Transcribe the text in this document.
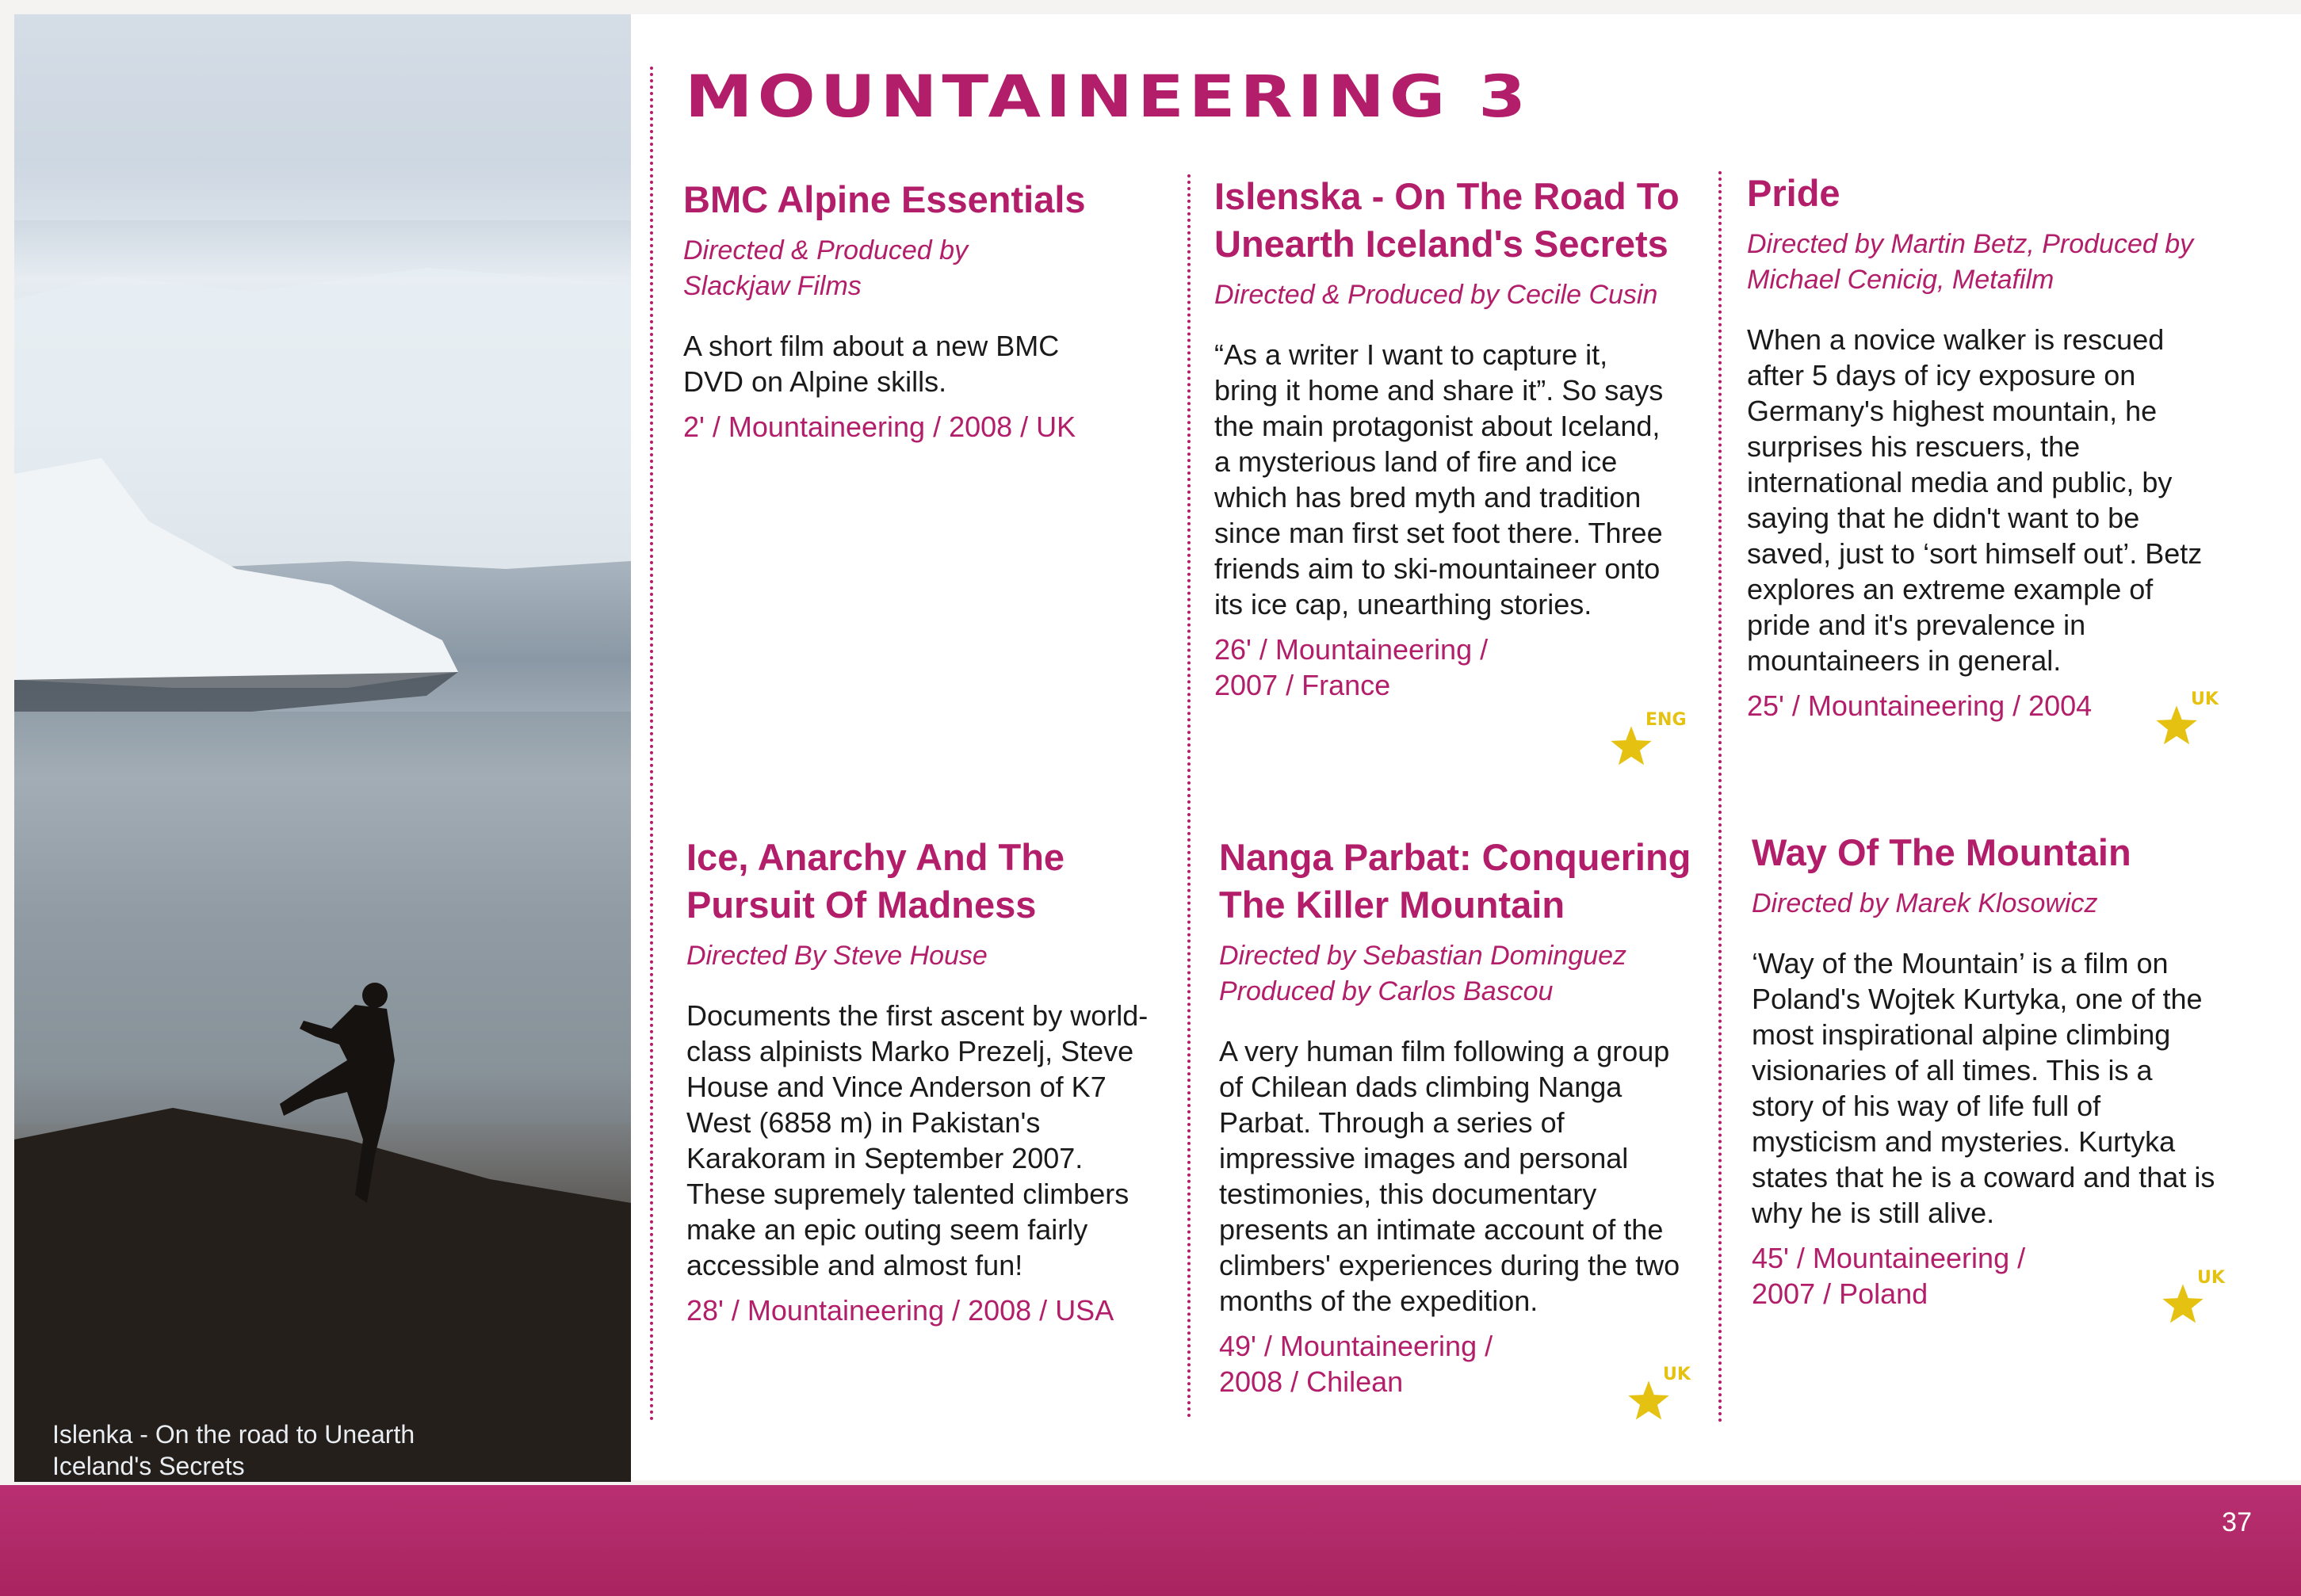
Islenka - On the road to Unearth Iceland's Secrets
MOUNTAINEERING 3
BMC Alpine Essentials
Directed & Produced by
Slackjaw Films
A short film about a new BMC DVD on Alpine skills.
2' / Mountaineering / 2008 / UK
Islenska - On The Road To Unearth Iceland's Secrets
Directed & Produced by Cecile Cusin
“As a writer I want to capture it, bring it home and share it”. So says the main protagonist about Iceland, a mysterious land of fire and ice which has bred myth and tradition since man first set foot there. Three friends aim to ski-mountaineer onto its ice cap, unearthing stories.
26' / Mountaineering /
2007 / France
ENG
Pride
Directed by Martin Betz, Produced by Michael Cenicig, Metafilm
When a novice walker is rescued after 5 days of icy exposure on Germany's highest mountain, he surprises his rescuers, the international media and public, by saying that he didn't want to be saved, just to ‘sort himself out’. Betz explores an extreme example of pride and it's prevalence in mountaineers in general.
25' / Mountaineering / 2004	UK
Ice, Anarchy And The Pursuit Of Madness
Directed By Steve House
Documents the first ascent by world-class alpinists Marko Prezelj, Steve House and Vince Anderson of K7 West (6858 m) in Pakistan's Karakoram in September 2007. These supremely talented climbers make an epic outing seem fairly accessible and almost fun!
28' / Mountaineering / 2008 / USA
Nanga Parbat: Conquering The Killer Mountain
Directed by Sebastian Dominguez
Produced by Carlos Bascou
A very human film following a group of Chilean dads climbing Nanga Parbat. Through a series of impressive images and personal testimonies, this documentary presents an intimate account of the climbers' experiences during the two months of the expedition.
49' / Mountaineering /
2008 / Chilean	UK
Way Of The Mountain
Directed by Marek Klosowicz
‘Way of the Mountain’ is a film on Poland's Wojtek Kurtyka, one of the most inspirational alpine climbing visionaries of all times. This is a story of his way of life full of mysticism and mysteries. Kurtyka states that he is a coward and that is why he is still alive.
45' / Mountaineering /
2007 / Poland	UK
37
